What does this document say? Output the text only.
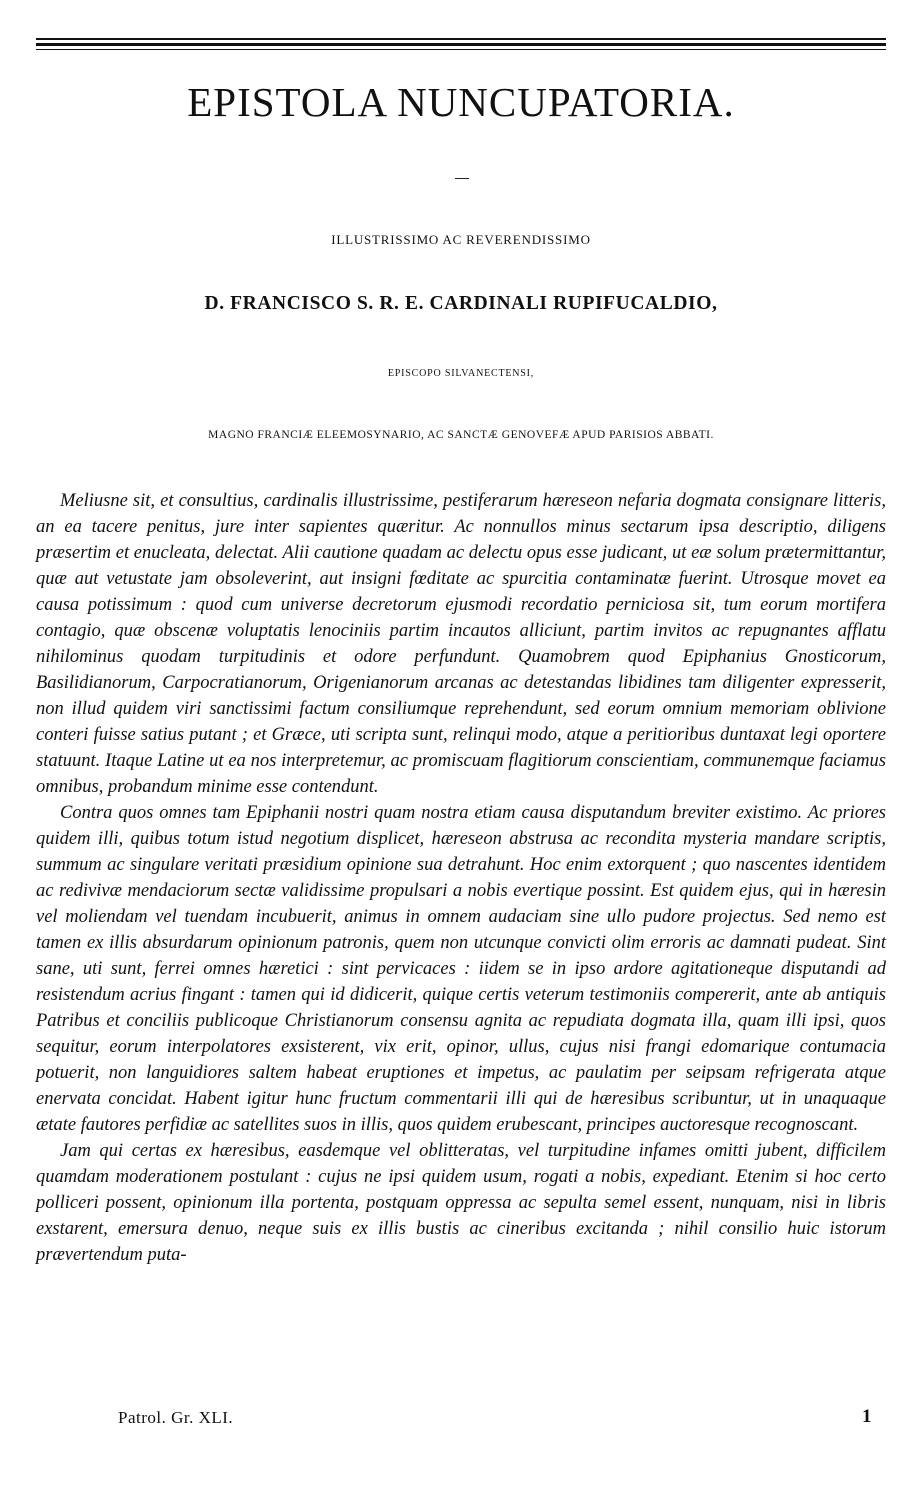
EPISTOLA NUNCUPATORIA.
ILLUSTRISSIMO AC REVERENDISSIMO
D. FRANCISCO S. R. E. CARDINALI RUPIFUCALDIO,
EPISCOPO SILVANECTENSI,
MAGNO FRANCIÆ ELEEMOSYNARIO, AC SANCTÆ GENOVEFÆ APUD PARISIOS ABBATI.

Meliusne sit, et consultius, cardinalis illustrissime, pestiferarum hæreseon nefaria dogmata consignare litteris, an ea tacere penitus, jure inter sapientes quæritur. Ac nonnullos minus sectarum ipsa descriptio, diligens præsertim et enucleata, delectat. Alii cautione quadam ac delectu opus esse judicant, ut eæ solum prætermittantur, quæ aut vetustate jam obsoleverint, aut insigni fœditate ac spurcitia contaminatæ fuerint. Utrosque movet ea causa potissimum : quod cum universe decretorum ejusmodi recordatio perniciosa sit, tum eorum mortifera contagio, quæ obscenæ voluptatis lenociniis partim incautos alliciunt, partim invitos ac repugnantes afflatu nihilominus quodam turpitudinis et odore perfundunt. Quamobrem quod Epiphanius Gnosticorum, Basilidianorum, Carpocratianorum, Origenianorum arcanas ac detestandas libidines tam diligenter expresserit, non illud quidem viri sanctissimi factum consiliumque reprehendunt, sed eorum omnium memoriam oblivione conteri fuisse satius putant ; et Græce, uti scripta sunt, relinqui modo, atque a peritioribus duntaxat legi oportere statuunt. Itaque Latine ut ea nos interpretemur, ac promiscuam flagitiorum conscientiam, communemque faciamus omnibus, probandum minime esse contendunt.

Contra quos omnes tam Epiphanii nostri quam nostra etiam causa disputandum breviter existimo. Ac priores quidem illi, quibus totum istud negotium displicet, hæreseon abstrusa ac recondita mysteria mandare scriptis, summum ac singulare veritati præsidium opinione sua detrahunt. Hoc enim extorquent ; quo nascentes identidem ac redivivæ mendaciorum sectæ validissime propulsari a nobis evertique possint. Est quidem ejus, qui in hæresin vel moliendam vel tuendam incubuerit, animus in omnem audaciam sine ullo pudore projectus. Sed nemo est tamen ex illis absurdarum opinionum patronis, quem non utcunque convicti olim erroris ac damnati pudeat. Sint sane, uti sunt, ferrei omnes hæretici : sint pervicaces : iidem se in ipso ardore agitationeque disputandi ad resistendum acrius fingant : tamen qui id didicerit, quique certis veterum testimoniis compererit, ante ab antiquis Patribus et conciliis publicoque Christianorum consensu agnita ac repudiata dogmata illa, quam illi ipsi, quos sequitur, eorum interpolatores exsisterent, vix erit, opinor, ullus, cujus nisi frangi edomarique contumacia potuerit, non languidiores saltem habeat eruptiones et impetus, ac paulatim per seipsam refrigerata atque enervata concidat. Habent igitur hunc fructum commentarii illi qui de hæresibus scribuntur, ut in unaquaque ætate fautores perfidiæ ac satellites suos in illis, quos quidem erubescant, principes auctoresque recognoscant.

Jam qui certas ex hæresibus, easdemque vel oblitteratas, vel turpitudine infames omitti jubent, difficilem quamdam moderationem postulant : cujus ne ipsi quidem usum, rogati a nobis, expediant. Etenim si hoc certo polliceri possent, opinionum illa portenta, postquam oppressa ac sepulta semel essent, nunquam, nisi in libris exstarent, emersura denuo, neque suis ex illis bustis ac cineribus excitanda ; nihil consilio huic istorum prævertendum puta-

Patrol. Gr. XLI.	1
